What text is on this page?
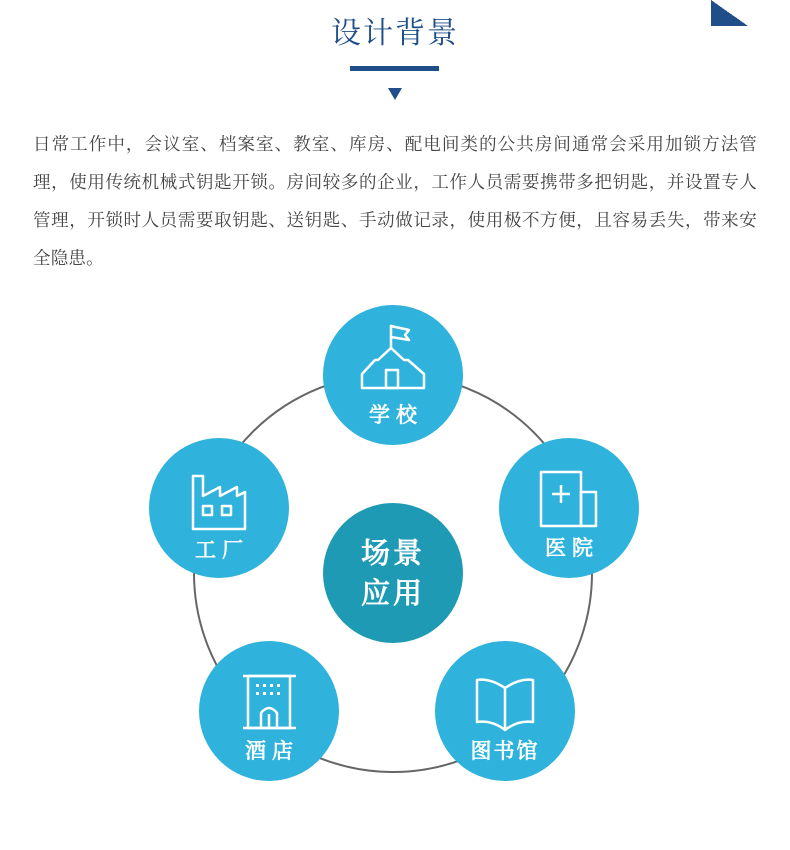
设计背景
日常工作中，会议室、档案室、教室、库房、配电间类的公共房间通常会采用加锁方法管理，使用传统机械式钥匙开锁。房间较多的企业，工作人员需要携带多把钥匙，并设置专人管理，开锁时人员需要取钥匙、送钥匙、手动做记录，使用极不方便，且容易丢失，带来安全隐患。
场景
应用
学校
医院
图书馆
酒店
工厂
